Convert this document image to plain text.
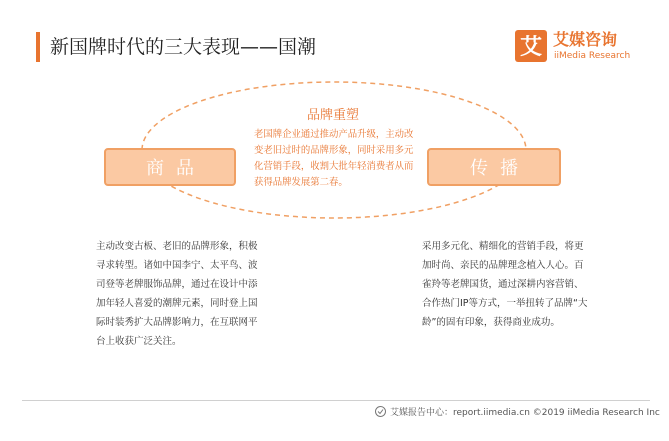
新国牌时代的三大表现——国潮	艾 艾媒咨询
iiMedia Research
品牌重塑
老国牌企业通过推动产品升级，主动改变老旧过时的品牌形象，同时采用多元化营销手段，收割大批年轻消费者从而获得品牌发展第二春。
商品	传播
主动改变古板、老旧的品牌形象，积极寻求转型。诸如中国李宁、太平鸟、波司登等老牌服饰品牌，通过在设计中添加年轻人喜爱的潮牌元素，同时登上国际时装秀扩大品牌影响力，在互联网平台上收获广泛关注。
采用多元化、精细化的营销手段，将更加时尚、亲民的品牌理念植入人心。百雀羚等老牌国货，通过深耕内容营销、合作热门IP等方式，一举扭转了品牌“大龄”的固有印象，获得商业成功。
艾媒报告中心：report.iimedia.cn ©2019 iiMedia Research Inc
